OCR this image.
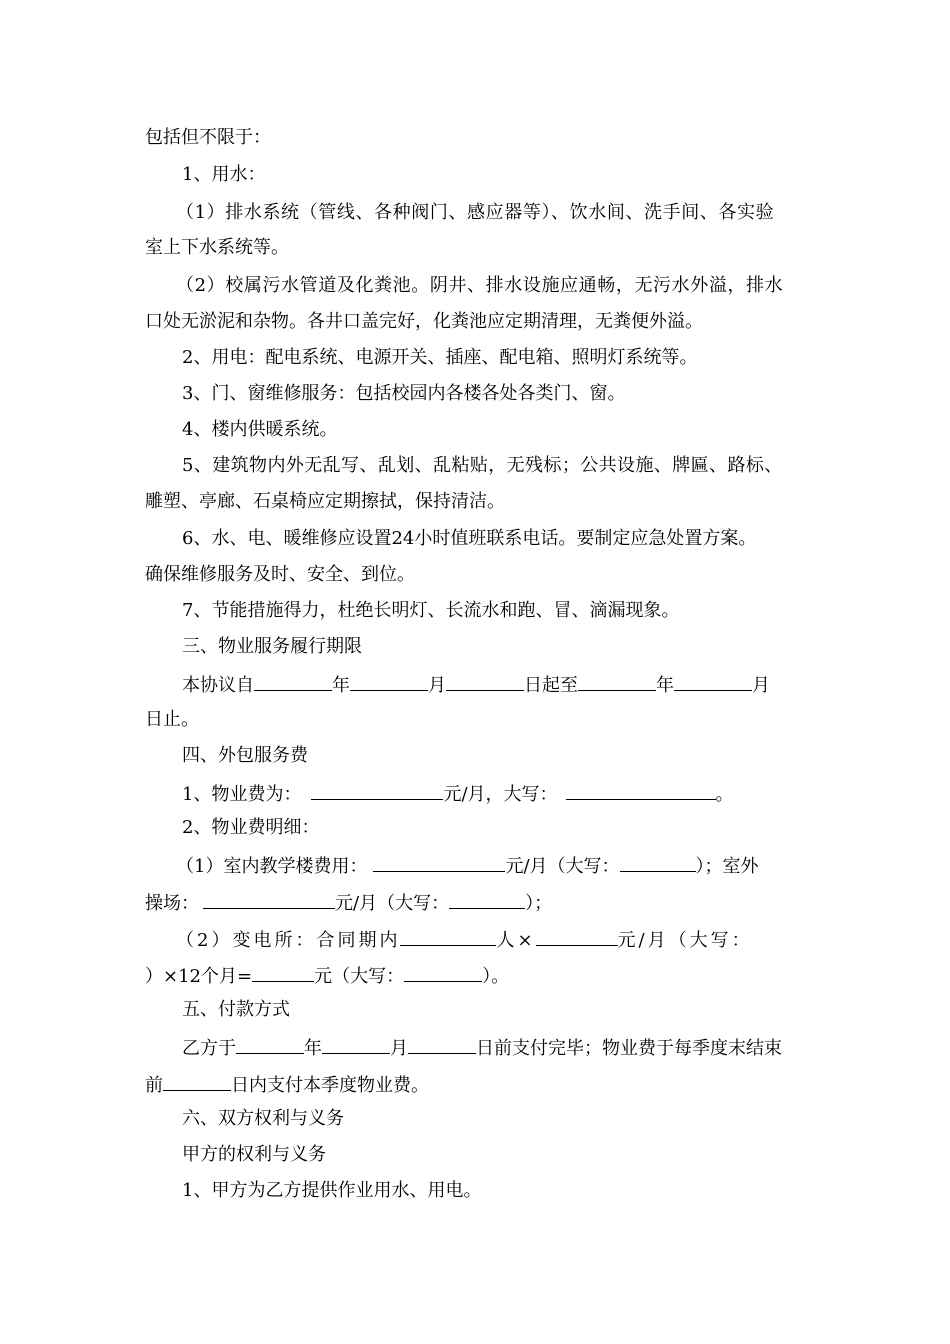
包括但不限于：
1、用水：
（1）排水系统（管线、各种阀门、感应器等）、饮水间、洗手间、各实验
室上下水系统等。
（2）校属污水管道及化粪池。阴井、排水设施应通畅，无污水外溢，排水
口处无淤泥和杂物。各井口盖完好，化粪池应定期清理，无粪便外溢。
2、用电：配电系统、电源开关、插座、配电箱、照明灯系统等。
3、门、窗维修服务：包括校园内各楼各处各类门、窗。
4、楼内供暖系统。
5、建筑物内外无乱写、乱划、乱粘贴，无残标；公共设施、牌匾、路标、
雕塑、亭廊、石桌椅应定期擦拭，保持清洁。
6、水、电、暖维修应设置24小时值班联系电话。要制定应急处置方案。
确保维修服务及时、安全、到位。
7、节能措施得力，杜绝长明灯、长流水和跑、冒、滴漏现象。
三、物业服务履行期限
本协议自	年	月	日起至	年	月
日止。
四、外包服务费
1、物业费为：	元/月，大写：	。
2、物业费明细：
（1）室内教学楼费用：	元/月（大写：	）；室外
操场：	元/月（大写：	）；
（2）变电所：合同期内	人×	元/月（大写：
）×12个月=	元（大写：	）。
五、付款方式
乙方于	年	月	日前支付完毕；物业费于每季度末结束
前	日内支付本季度物业费。
六、双方权利与义务
甲方的权利与义务
1、甲方为乙方提供作业用水、用电。
